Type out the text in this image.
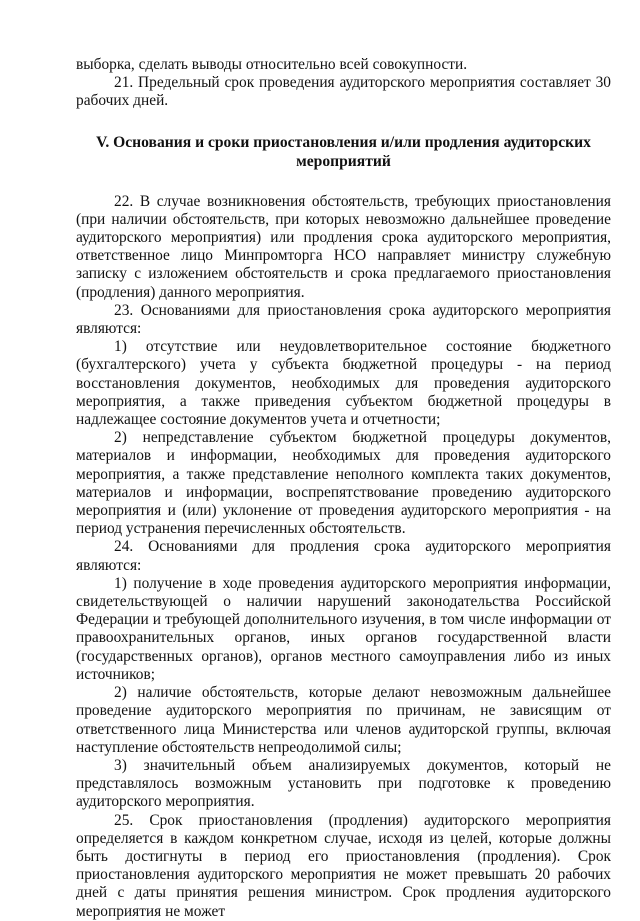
выборка, сделать выводы относительно всей совокупности.

21. Предельный срок проведения аудиторского мероприятия составляет 30 рабочих дней.

V. Основания и сроки приостановления и/или продления аудиторских мероприятий

22. В случае возникновения обстоятельств, требующих приостановления (при наличии обстоятельств, при которых невозможно дальнейшее проведение аудиторского мероприятия) или продления срока аудиторского мероприятия, ответственное лицо Минпромторга НСО направляет министру служебную записку с изложением обстоятельств и срока предлагаемого приостановления (продления) данного мероприятия.

23. Основаниями для приостановления срока аудиторского мероприятия являются:

1) отсутствие или неудовлетворительное состояние бюджетного (бухгалтерского) учета у субъекта бюджетной процедуры - на период восстановления документов, необходимых для проведения аудиторского мероприятия, а также приведения субъектом бюджетной процедуры в надлежащее состояние документов учета и отчетности;

2) непредставление субъектом бюджетной процедуры документов, материалов и информации, необходимых для проведения аудиторского мероприятия, а также представление неполного комплекта таких документов, материалов и информации, воспрепятствование проведению аудиторского мероприятия и (или) уклонение от проведения аудиторского мероприятия - на период устранения перечисленных обстоятельств.

24. Основаниями для продления срока аудиторского мероприятия являются:

1) получение в ходе проведения аудиторского мероприятия информации, свидетельствующей о наличии нарушений законодательства Российской Федерации и требующей дополнительного изучения, в том числе информации от правоохранительных органов, иных органов государственной власти (государственных органов), органов местного самоуправления либо из иных источников;

2) наличие обстоятельств, которые делают невозможным дальнейшее проведение аудиторского мероприятия по причинам, не зависящим от ответственного лица Министерства или членов аудиторской группы, включая наступление обстоятельств непреодолимой силы;

3) значительный объем анализируемых документов, который не представлялось возможным установить при подготовке к проведению аудиторского мероприятия.

25. Срок приостановления (продления) аудиторского мероприятия определяется в каждом конкретном случае, исходя из целей, которые должны быть достигнуты в период его приостановления (продления). Срок приостановления аудиторского мероприятия не может превышать 20 рабочих дней с даты принятия решения министром. Срок продления аудиторского мероприятия не может
